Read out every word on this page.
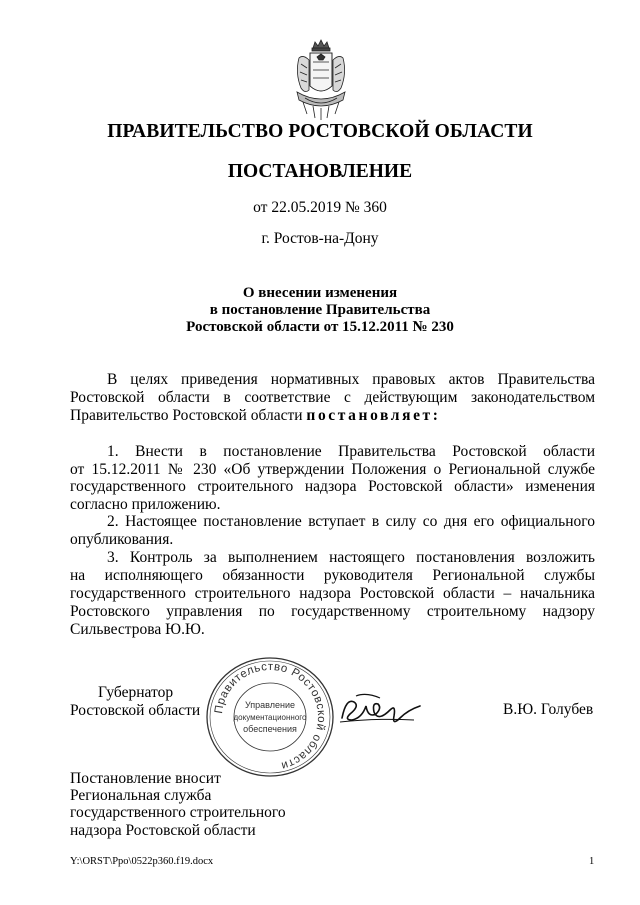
ПРАВИТЕЛЬСТВО РОСТОВСКОЙ ОБЛАСТИ
ПОСТАНОВЛЕНИЕ
от 22.05.2019 № 360
г. Ростов-на-Дону
О внесении изменения
в постановление Правительства
Ростовской области от 15.12.2011 № 230
В целях приведения нормативных правовых актов Правительства
Ростовской области в соответствие с действующим законодательством
Правительство Ростовской области постановляет:
1. Внести в постановление Правительства Ростовской области
от 15.12.2011 № 230 «Об утверждении Положения о Региональной службе
государственного строительного надзора Ростовской области» изменения
согласно приложению.
2. Настоящее постановление вступает в силу со дня его официального
опубликования.
3. Контроль за выполнением настоящего постановления возложить
на исполняющего обязанности руководителя Региональной службы
государственного строительного надзора Ростовской области – начальника
Ростовского управления по государственному строительному надзору
Сильвестрова Ю.Ю.
Правительство Ростовской области
Управление
документационного
обеспечения
Губернатор
Ростовской области	В.Ю. Голубев
Постановление вносит
Региональная служба
государственного строительного
надзора Ростовской области
Y:\ORST\Ppo\0522p360.f19.docx	1
